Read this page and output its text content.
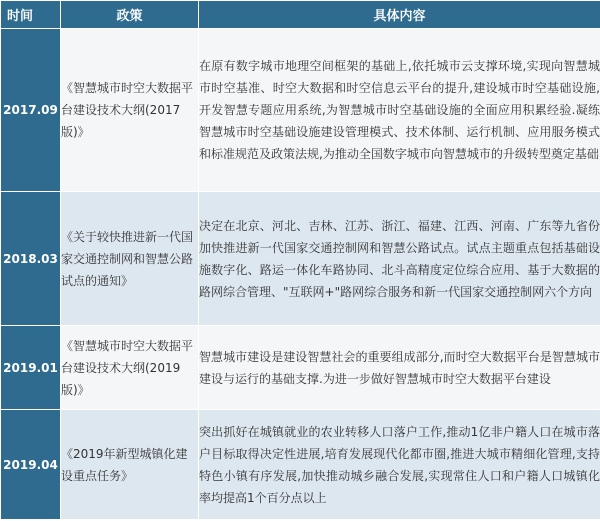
时间	政策	具体内容
2017.09	《智慧城市时空大数据平台建设技术大纲(2017版)》	在原有数字城市地理空间框架的基础上,依托城市云支撑环境,实现向智慧城市时空基准、时空大数据和时空信息云平台的提升,建设城市时空基础设施,开发智慧专题应用系统,为智慧城市时空基础设施的全面应用积累经验.凝练智慧城市时空基础设施建设管理模式、技术体制、运行机制、应用服务模式和标准规范及政策法规,为推动全国数字城市向智慧城市的升级转型奠定基础
2018.03	《关于较快推进新一代国家交通控制网和智慧公路试点的通知》	决定在北京、河北、吉林、江苏、浙江、福建、江西、河南、广东等九省份加快推进新一代国家交通控制网和智慧公路试点。试点主题重点包括基础设施数字化、路运一体化车路协同、北斗高精度定位综合应用、基于大数据的路网综合管理、"互联网+"路网综合服务和新一代国家交通控制网六个方向
2019.01	《智慧城市时空大数据平台建设技术大纲(2019版)》	智慧城市建设是建设智慧社会的重要组成部分,而时空大数据平台是智慧城市建设与运行的基础支撑.为进一步做好智慧城市时空大数据平台建设
2019.04	《2019年新型城镇化建设重点任务》	突出抓好在城镇就业的农业转移人口落户工作,推动1亿非户籍人口在城市落户目标取得决定性进展,培育发展现代化都市圈,推进大城市精细化管理,支持特色小镇有序发展,加快推动城乡融合发展,实现常住人口和户籍人口城镇化率均提高1个百分点以上
